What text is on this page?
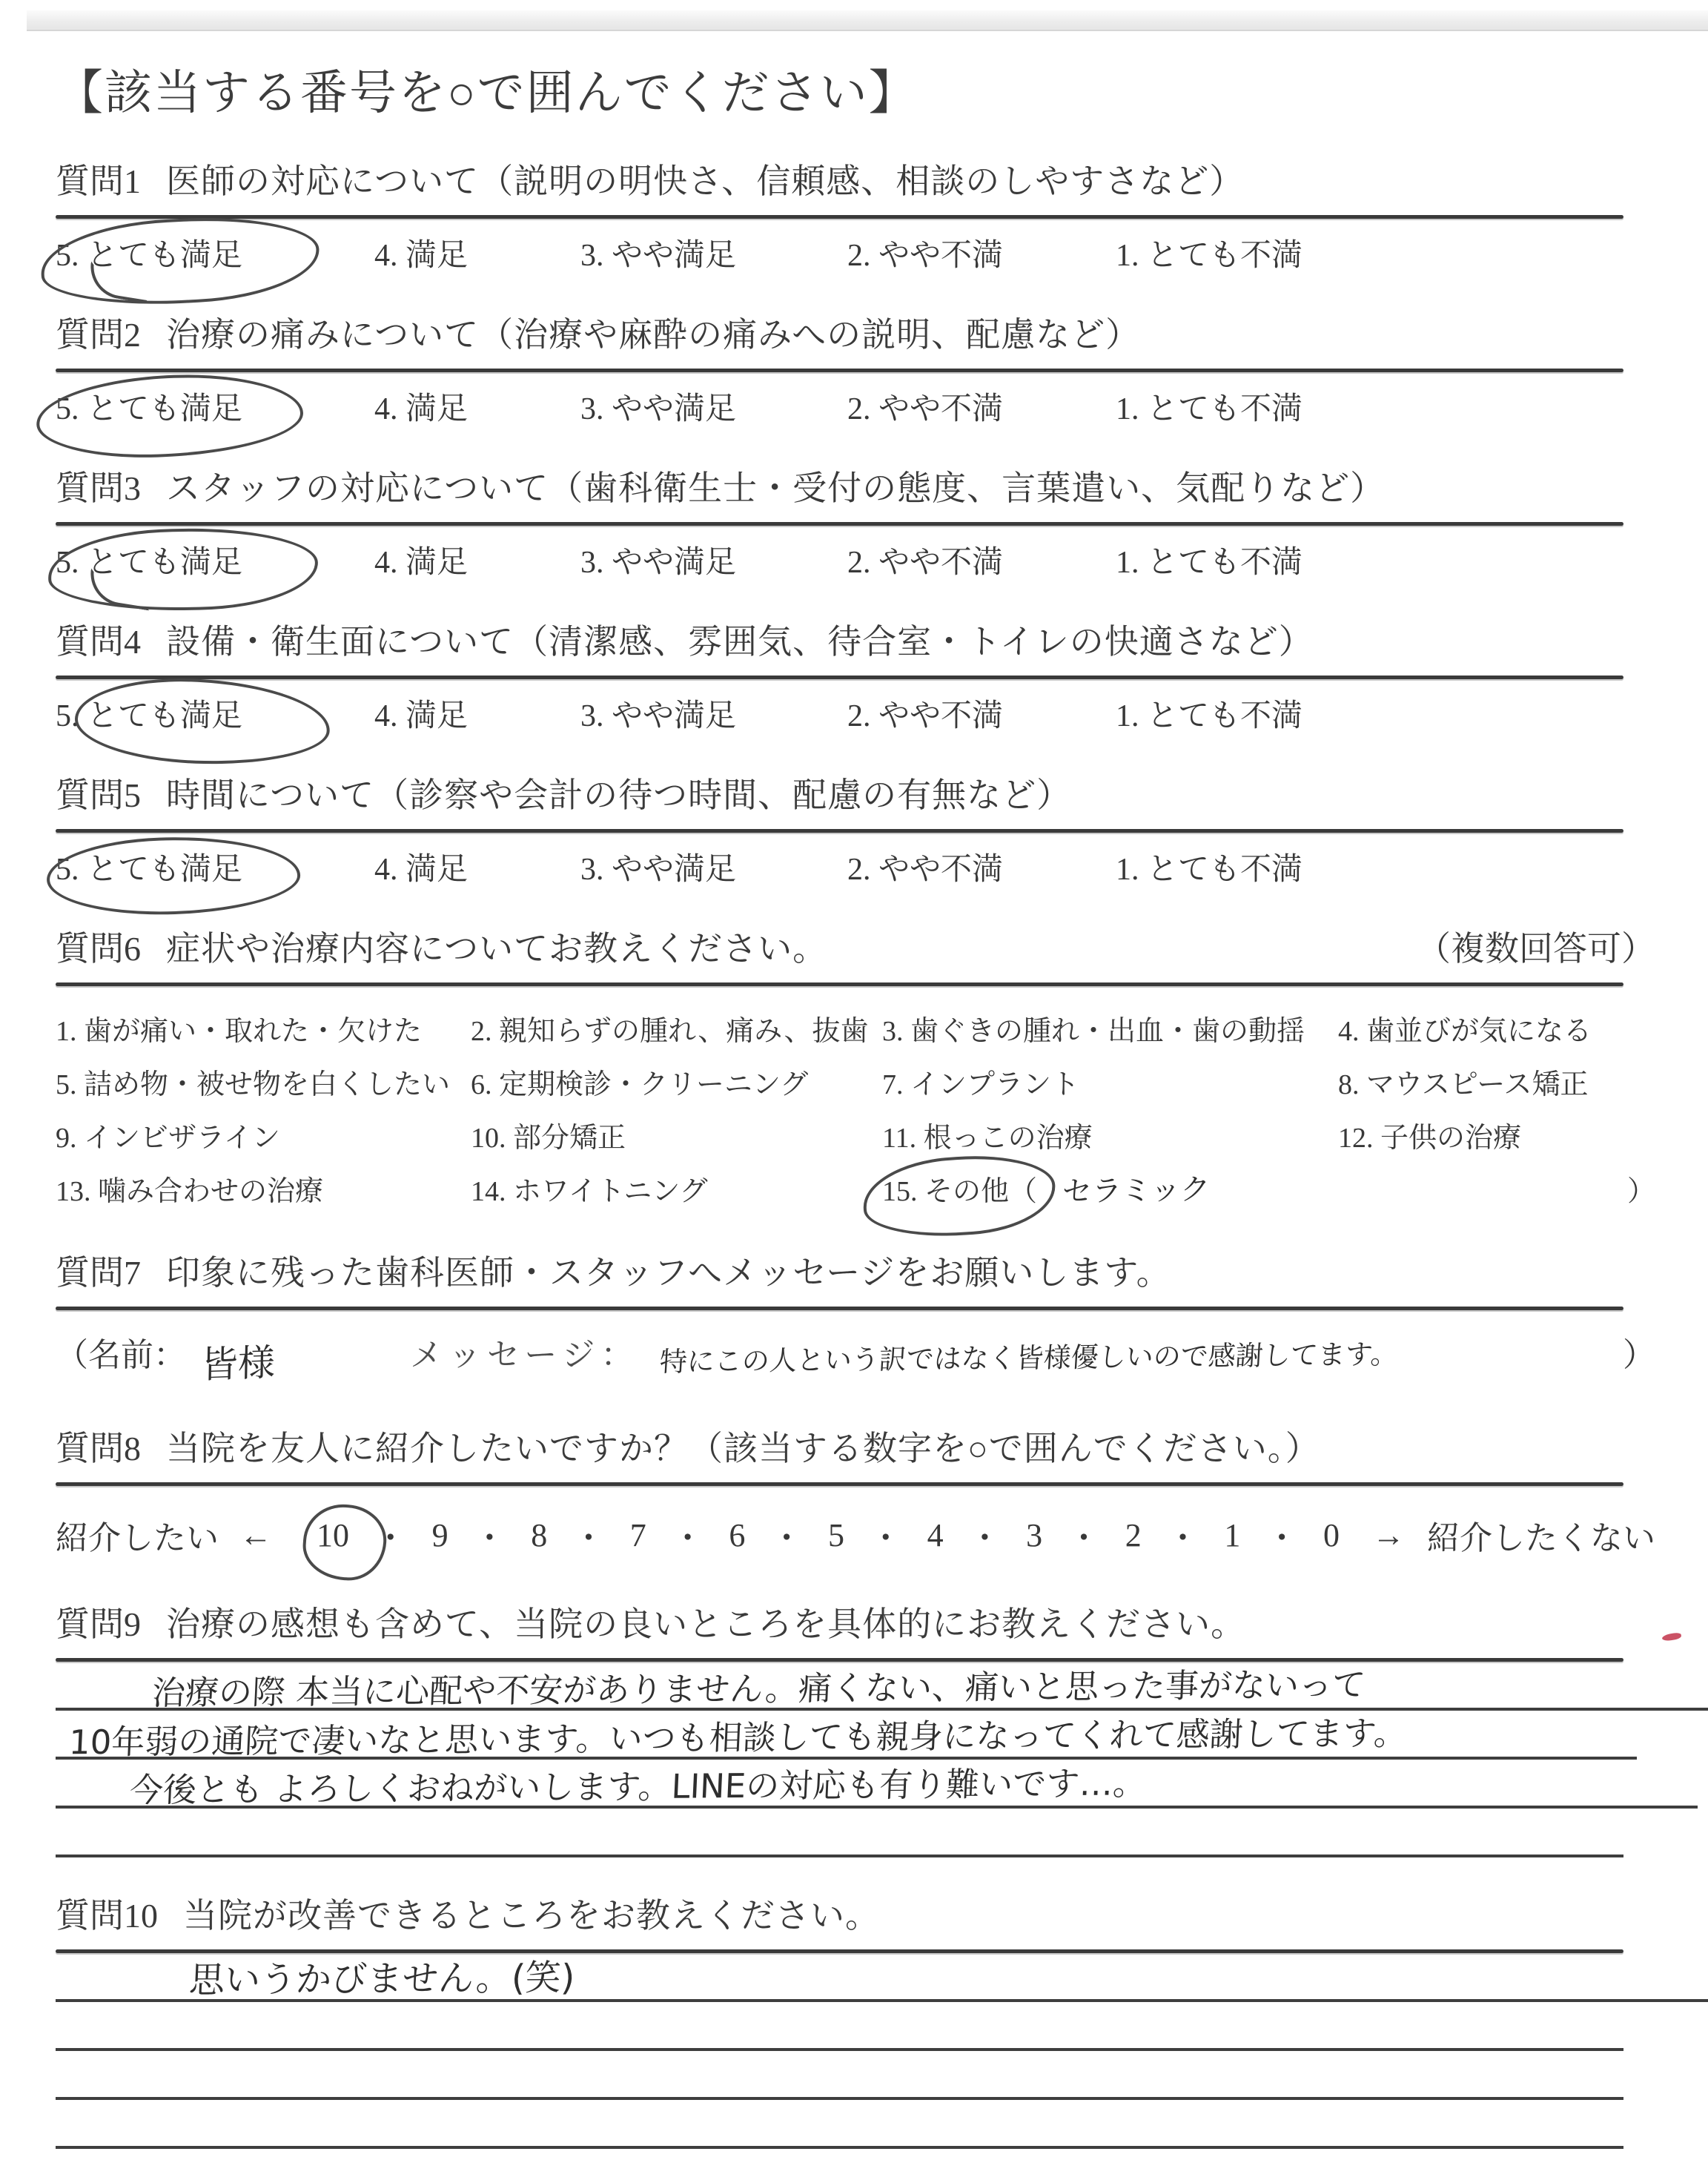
【該当する番号を○で囲んでください】
質問1 医師の対応について（説明の明快さ、信頼感、相談のしやすさなど）
5. とても満足	4. 満足	3. やや満足	2. やや不満	1. とても不満
質問2 治療の痛みについて（治療や麻酔の痛みへの説明、配慮など）
5. とても満足	4. 満足	3. やや満足	2. やや不満	1. とても不満
質問3 スタッフの対応について（歯科衛生士・受付の態度、言葉遣い、気配りなど）
5. とても満足	4. 満足	3. やや満足	2. やや不満	1. とても不満
質問4 設備・衛生面について（清潔感、雰囲気、待合室・トイレの快適さなど）
5. とても満足	4. 満足	3. やや満足	2. やや不満	1. とても不満
質問5 時間について（診察や会計の待つ時間、配慮の有無など）
5. とても満足	4. 満足	3. やや満足	2. やや不満	1. とても不満
質問6 症状や治療内容についてお教えください。	（複数回答可）
1. 歯が痛い・取れた・欠けた	2. 親知らずの腫れ、痛み、抜歯 3. 歯ぐきの腫れ・出血・歯の動揺	4. 歯並びが気になる
5. 詰め物・被せ物を白くしたい 6. 定期検診・クリーニング	7. インプラント	8. マウスピース矯正
9. インビザライン	10. 部分矯正	11. 根っこの治療	12. 子供の治療
13. 噛み合わせの治療	14. ホワイトニング	15. その他（ セラミック	）
質問7 印象に残った歯科医師・スタッフへメッセージをお願いします。
（名前： 皆様	メッセージ： 特にこの人という訳ではなく皆様優しいので感謝してます。	）
質問8 当院を友人に紹介したいですか？（該当する数字を○で囲んでください。）
紹介したい ← 10 ・ 9 ・ 8 ・ 7 ・ 6 ・ 5 ・ 4 ・ 3 ・ 2 ・ 1 ・ 0 → 紹介したくない
質問9 治療の感想も含めて、当院の良いところを具体的にお教えください。
治療の際 本当に心配や不安がありません。痛くない、痛いと思った事がないって
10年弱の通院で凄いなと思います。いつも相談しても親身になってくれて感謝してます。
今後とも よろしくおねがいします。LINEの対応も有り難いです…。
質問10 当院が改善できるところをお教えください。
思いうかびません。(笑)
